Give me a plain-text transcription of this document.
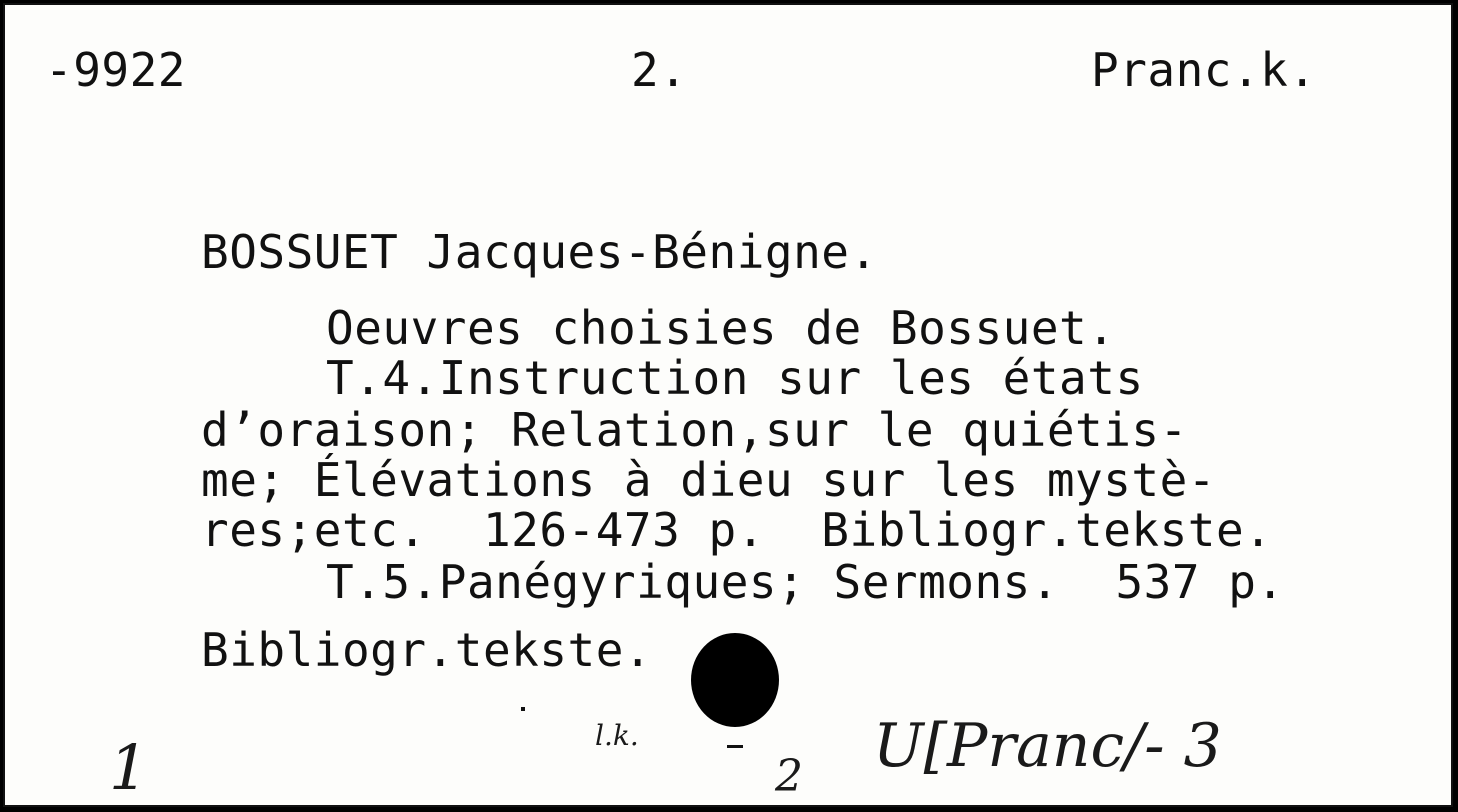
-9922	2.	Pranc.k.
BOSSUET Jacques-Bénigne.
Oeuvres choisies de Bossuet.
T.4.Instruction sur les états
d’oraison; Relation,sur le quiétis-
me; Élévations à dieu sur les mystè-
res;etc.  126-473 p.  Bibliogr.tekste.
T.5.Panégyriques; Sermons.  537 p.
Bibliogr.tekste.
1	l.k.
2 U[Pranc/- 3
